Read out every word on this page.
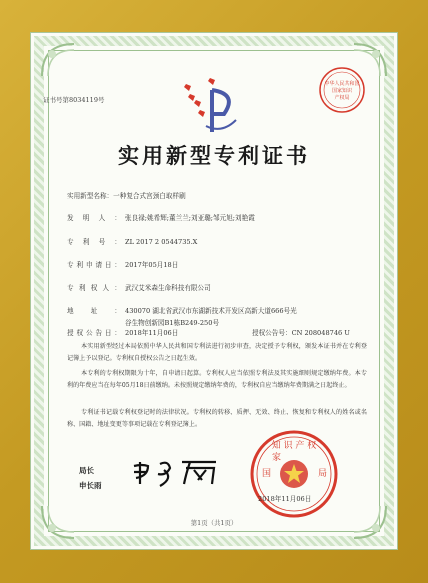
证书号第8034119号
中华人民共和国
国家知识
产权局
实用新型专利证书
实用新型名称：一种复合式宫颈白取样刷
发明人： 张良禄;姚希辉;董兰兰;刘亚璐;邹元旭;刘艳霞
专利号： ZL 2017 2 0544735.X
专利申请日： 2017年05月18日
专利权人： 武汉艾米森生命科技有限公司
地址： 430070 湖北省武汉市东湖新技术开发区高新大道666号光
谷生物创新园B1栋B249-250号
授权公告日： 2018年11月06日	授权公告号：CN 208048746 U
本实用新型经过本局依照中华人民共和国专利法进行初步审查，决定授予专利权，颁发本证书并在专利登记簿上予以登记。专利权自授权公告之日起生效。
本专利的专利权期限为十年，自申请日起算。专利权人应当依照专利法及其实施细则规定缴纳年费。本专利的年费应当在每年05月18日前缴纳。未按照规定缴纳年费的，专利权自应当缴纳年费期满之日起终止。
专利证书记载专利权登记时的法律状况。专利权的转移、质押、无效、终止、恢复和专利权人的姓名或名称、国籍、地址变更等事项记载在专利登记簿上。
局长
申长雨
知 识 产 权
国
家
局
2018年11月06日
第1页（共1页）
